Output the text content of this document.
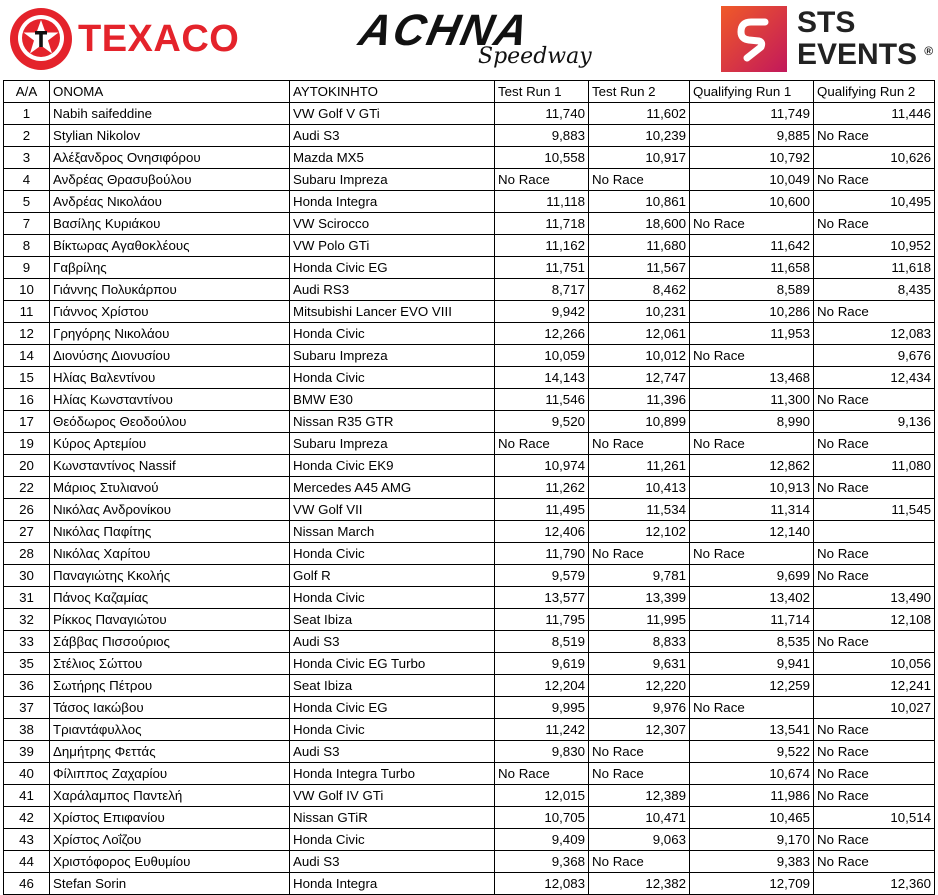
TEXACO	ACHNA
Speedway
STS
EVENTS ®
A/A	ΟΝΟΜΑ	ΑΥΤΟΚΙΝΗΤΟ	Test Run 1	Test Run 2	Qualifying Run 1	Qualifying Run 2
1	Nabih saifeddine	VW Golf V GTi	11,740	11,602	11,749	11,446
2	Stylian Nikolov	Audi S3	9,883	10,239	9,885	No Race
3	Αλέξανδρος Ονησιφόρου	Mazda MX5	10,558	10,917	10,792	10,626
4	Ανδρέας Θρασυβούλου	Subaru Impreza	No Race	No Race	10,049	No Race
5	Ανδρέας Νικολάου	Honda Integra	11,118	10,861	10,600	10,495
7	Βασίλης Κυριάκου	VW Scirocco	11,718	18,600	No Race	No Race
8	Βίκτωρας Αγαθοκλέους	VW Polo GTi	11,162	11,680	11,642	10,952
9	Γαβρίλης	Honda Civic EG	11,751	11,567	11,658	11,618
10	Γιάννης Πολυκάρπου	Audi RS3	8,717	8,462	8,589	8,435
11	Γιάννος Χρίστου	Mitsubishi Lancer EVO VIII	9,942	10,231	10,286	No Race
12	Γρηγόρης Νικολάου	Honda Civic	12,266	12,061	11,953	12,083
14	Διονύσης Διονυσίου	Subaru Impreza	10,059	10,012	No Race	9,676
15	Ηλίας Βαλεντίνου	Honda Civic	14,143	12,747	13,468	12,434
16	Ηλίας Κωνσταντίνου	BMW E30	11,546	11,396	11,300	No Race
17	Θεόδωρος Θεοδούλου	Nissan R35 GTR	9,520	10,899	8,990	9,136
19	Κύρος Αρτεμίου	Subaru Impreza	No Race	No Race	No Race	No Race
20	Κωνσταντίνος Nassif	Honda Civic EK9	10,974	11,261	12,862	11,080
22	Μάριος Στυλιανού	Mercedes A45 AMG	11,262	10,413	10,913	No Race
26	Νικόλας Ανδρονίκου	VW Golf VII	11,495	11,534	11,314	11,545
27	Νικόλας Παφίτης	Nissan March	12,406	12,102	12,140	
28	Νικόλας Χαρίτου	Honda Civic	11,790	No Race	No Race	No Race
30	Παναγιώτης Κκολής	Golf R	9,579	9,781	9,699	No Race
31	Πάνος Καζαμίας	Honda Civic	13,577	13,399	13,402	13,490
32	Ρίκκος Παναγιώτου	Seat Ibiza	11,795	11,995	11,714	12,108
33	Σάββας Πισσούριος	Audi S3	8,519	8,833	8,535	No Race
35	Στέλιος Σώττου	Honda Civic EG Turbo	9,619	9,631	9,941	10,056
36	Σωτήρης Πέτρου	Seat Ibiza	12,204	12,220	12,259	12,241
37	Τάσος Ιακώβου	Honda Civic EG	9,995	9,976	No Race	10,027
38	Τριαντάφυλλος	Honda Civic	11,242	12,307	13,541	No Race
39	Δημήτρης Φεττάς	Audi S3	9,830	No Race	9,522	No Race
40	Φίλιππος Ζαχαρίου	Honda Integra Turbo	No Race	No Race	10,674	No Race
41	Χαράλαμπος Παντελή	VW Golf IV GTi	12,015	12,389	11,986	No Race
42	Χρίστος Επιφανίου	Nissan GTiR	10,705	10,471	10,465	10,514
43	Χρίστος Λοΐζου	Honda Civic	9,409	9,063	9,170	No Race
44	Χριστόφορος Ευθυμίου	Audi S3	9,368	No Race	9,383	No Race
46	Stefan Sorin	Honda Integra	12,083	12,382	12,709	12,360
